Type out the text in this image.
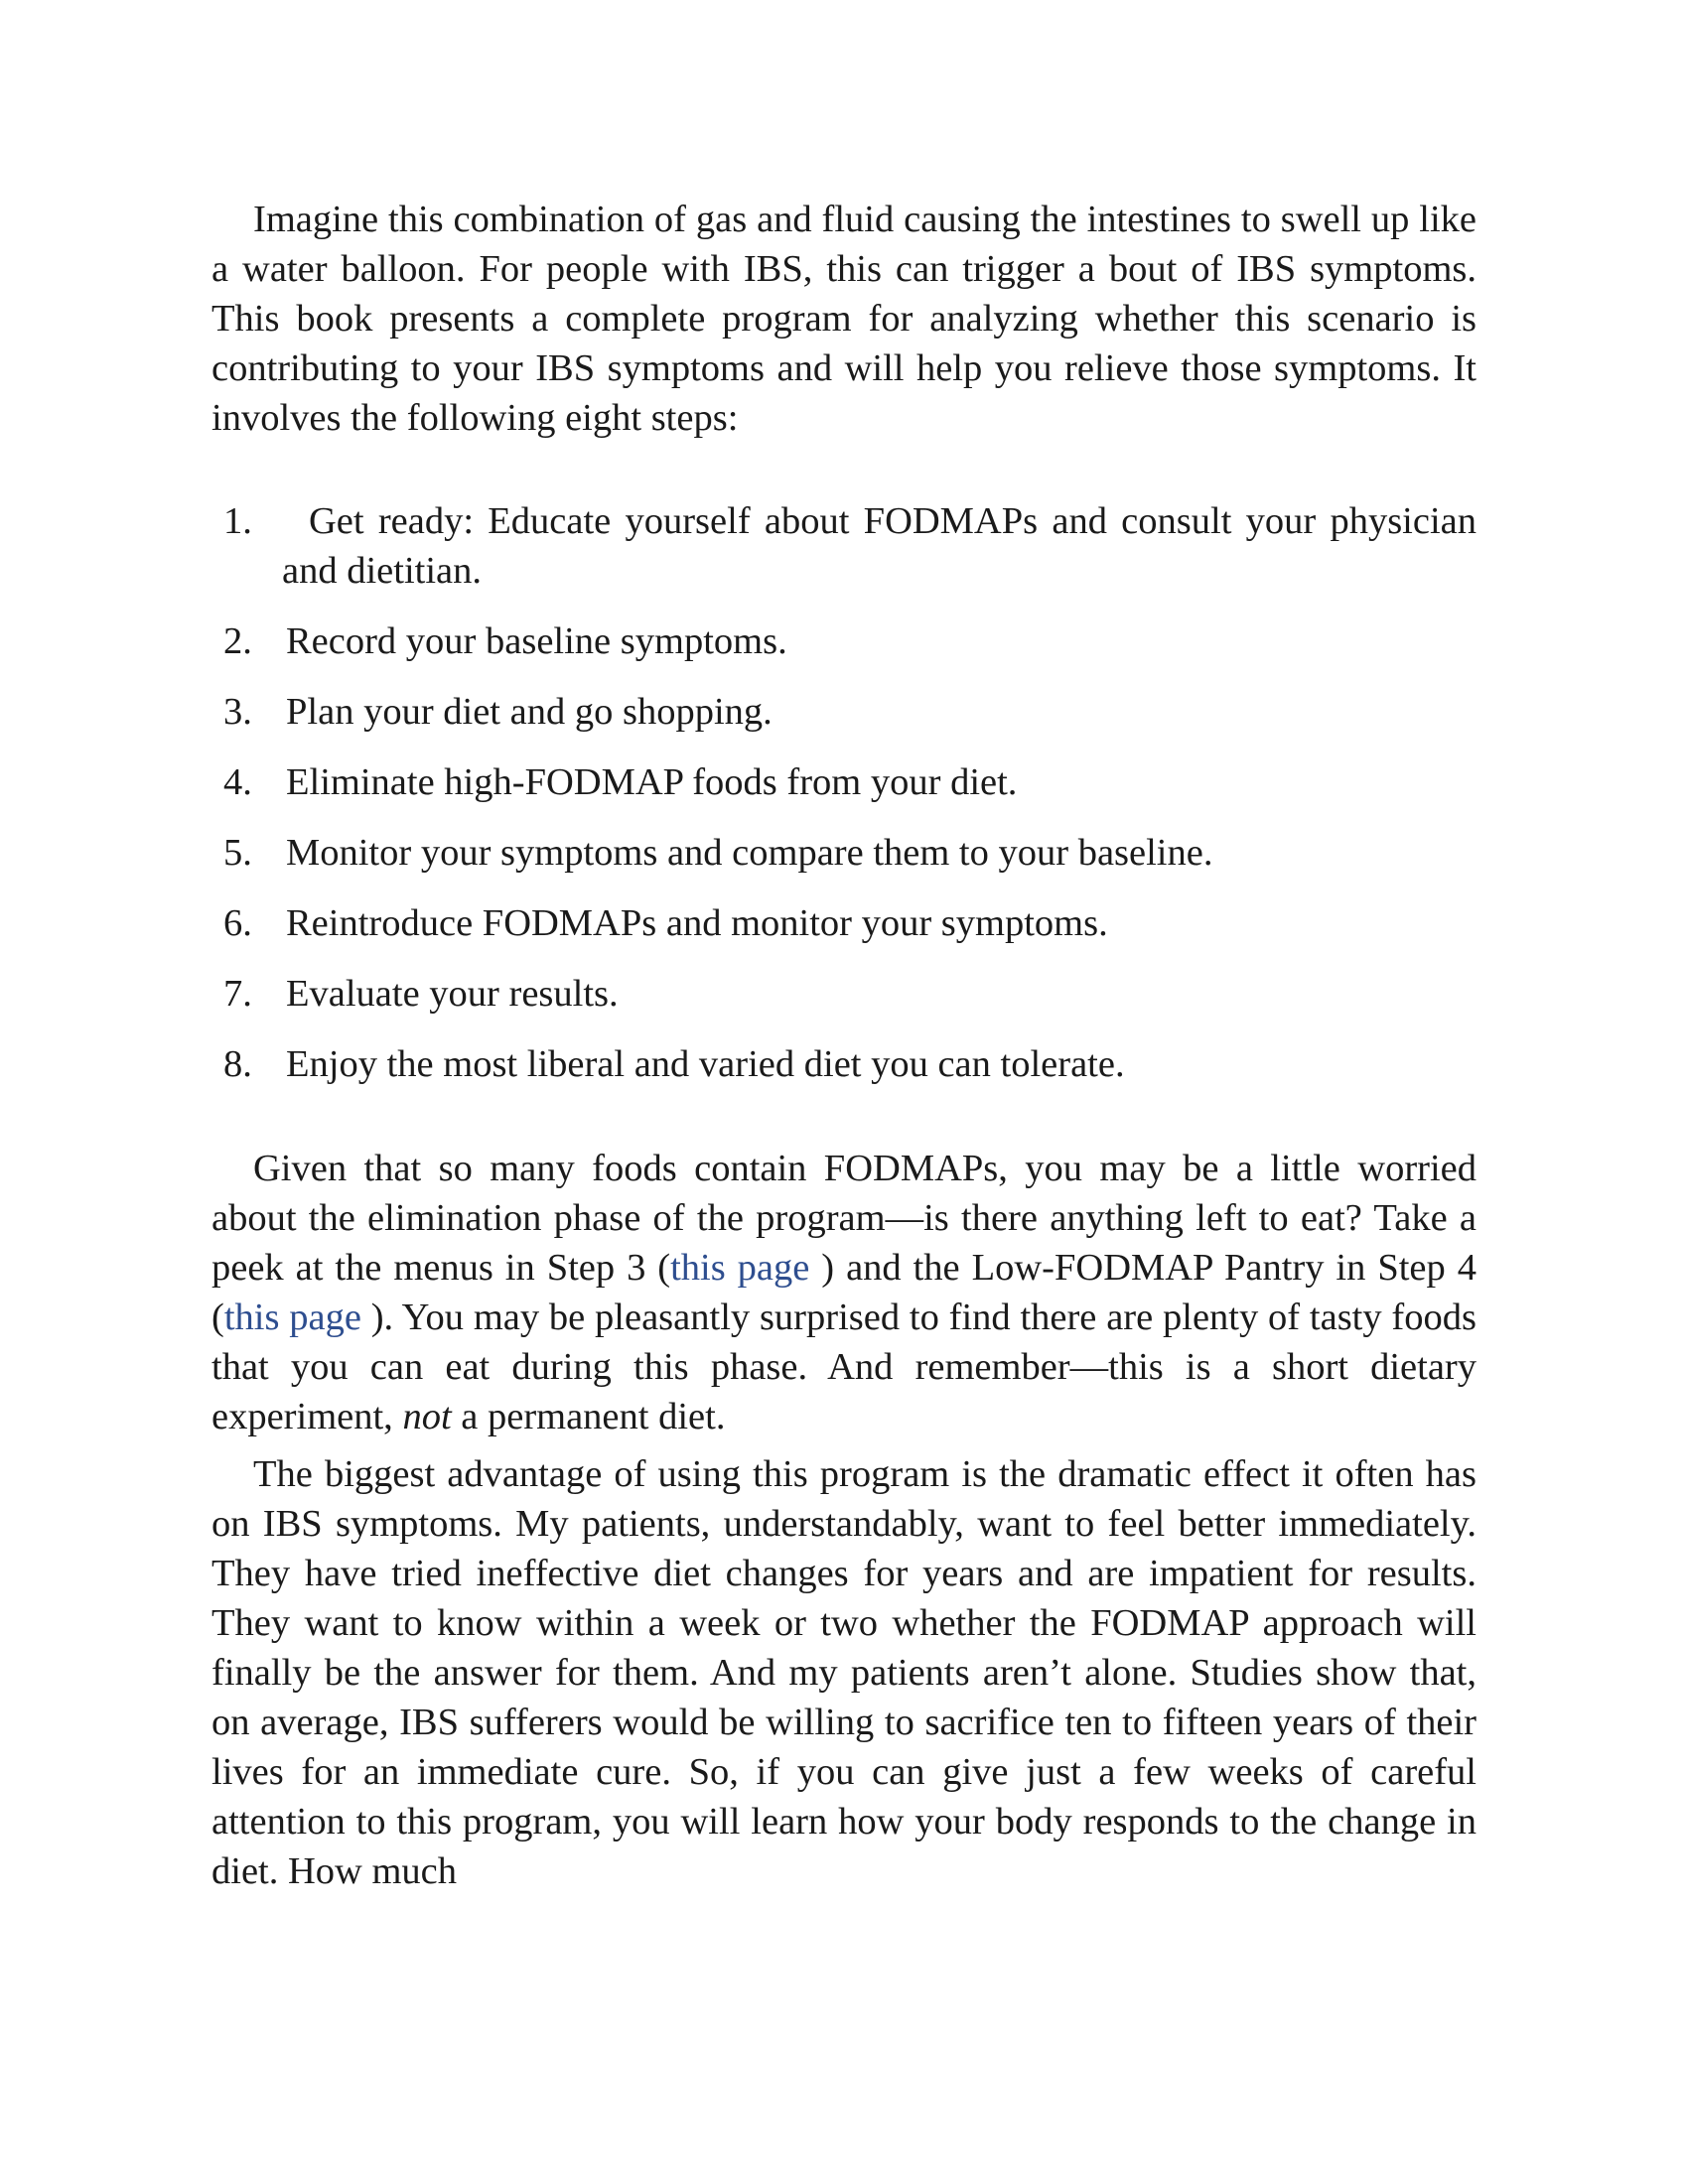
Imagine this combination of gas and fluid causing the intestines to swell up like a water balloon. For people with IBS, this can trigger a bout of IBS symptoms. This book presents a complete program for analyzing whether this scenario is contributing to your IBS symptoms and will help you relieve those symptoms. It involves the following eight steps:

1.	Get ready: Educate yourself about FODMAPs and consult your physician and dietitian.
2. Record your baseline symptoms.
3. Plan your diet and go shopping.
4. Eliminate high-FODMAP foods from your diet.
5. Monitor your symptoms and compare them to your baseline.
6. Reintroduce FODMAPs and monitor your symptoms.
7. Evaluate your results.
8. Enjoy the most liberal and varied diet you can tolerate.

Given that so many foods contain FODMAPs, you may be a little worried about the elimination phase of the program—is there anything left to eat? Take a peek at the menus in Step 3 (this page ) and the Low-FODMAP Pantry in Step 4 (this page ). You may be pleasantly surprised to find there are plenty of tasty foods that you can eat during this phase. And remember—this is a short dietary experiment, not a permanent diet.

The biggest advantage of using this program is the dramatic effect it often has on IBS symptoms. My patients, understandably, want to feel better immediately. They have tried ineffective diet changes for years and are impatient for results. They want to know within a week or two whether the FODMAP approach will finally be the answer for them. And my patients aren’t alone. Studies show that, on average, IBS sufferers would be willing to sacrifice ten to fifteen years of their lives for an immediate cure. So, if you can give just a few weeks of careful attention to this program, you will learn how your body responds to the change in diet. How much
